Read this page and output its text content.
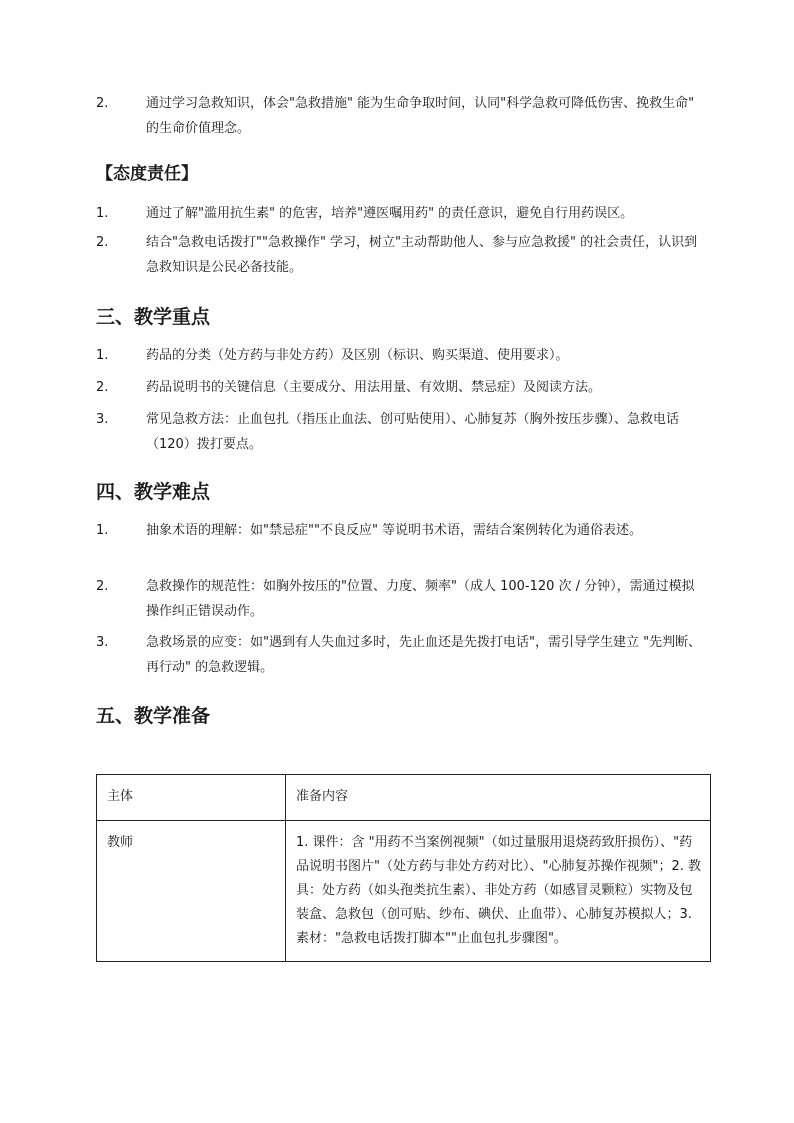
2.	通过学习急救知识，体会"急救措施" 能为生命争取时间，认同"科学急救可降低伤害、挽救生命" 的生命价值理念。
【态度责任】
1.	通过了解"滥用抗生素" 的危害，培养"遵医嘱用药" 的责任意识，避免自行用药误区。
2.	结合"急救电话拨打""急救操作" 学习，树立"主动帮助他人、参与应急救援" 的社会责任，认识到急救知识是公民必备技能。
三、教学重点
1.	药品的分类（处方药与非处方药）及区别（标识、购买渠道、使用要求）。
2.	药品说明书的关键信息（主要成分、用法用量、有效期、禁忌症）及阅读方法。
3.	常见急救方法：止血包扎（指压止血法、创可贴使用）、心肺复苏（胸外按压步骤）、急救电话（120）拨打要点。
四、教学难点
1.	抽象术语的理解：如"禁忌症""不良反应" 等说明书术语，需结合案例转化为通俗表述。
2.	急救操作的规范性：如胸外按压的"位置、力度、频率"（成人 100-120 次 / 分钟），需通过模拟操作纠正错误动作。
3.	急救场景的应变：如"遇到有人失血过多时，先止血还是先拨打电话"，需引导学生建立 "先判断、再行动" 的急救逻辑。
五、教学准备
主体	准备内容
教师	1. 课件：含 "用药不当案例视频"（如过量服用退烧药致肝损伤）、"药品说明书图片"（处方药与非处方药对比）、"心肺复苏操作视频"；2. 教具：处方药（如头孢类抗生素）、非处方药（如感冒灵颗粒）实物及包装盒、急救包（创可贴、纱布、碘伏、止血带）、心肺复苏模拟人；3. 素材："急救电话拨打脚本""止血包扎步骤图"。
